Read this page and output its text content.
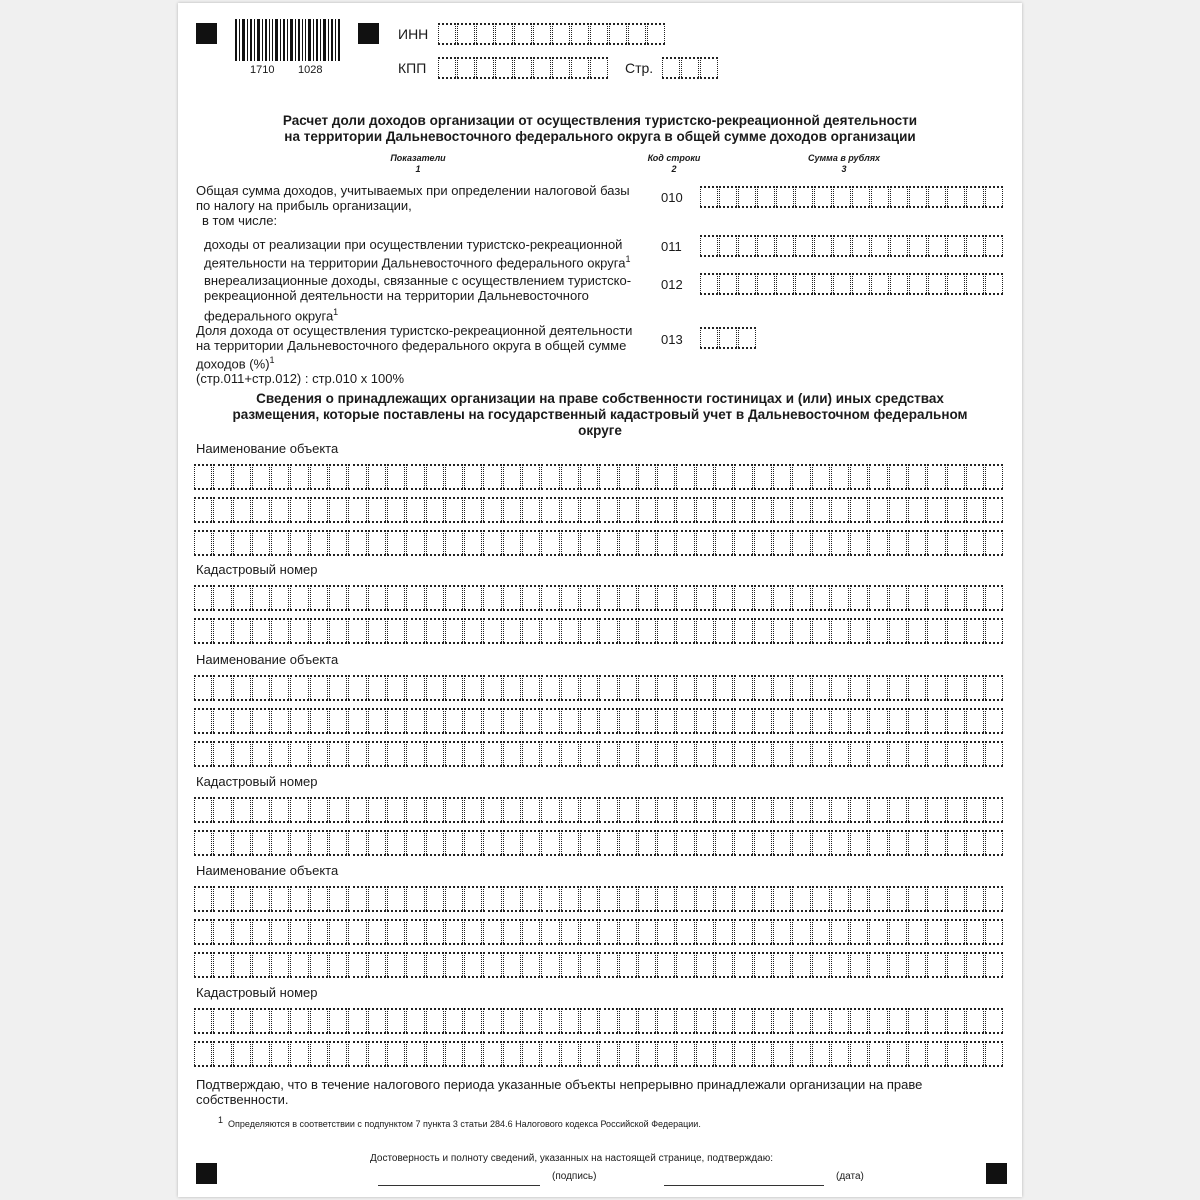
1710 1028
ИНН
КПП	Стр.
Расчет доли доходов организации от осуществления туристско-рекреационной деятельности
на территории Дальневосточного федерального округа в общей сумме доходов организации
Показатели
1
Код строки
2
Сумма в рублях
3
Общая сумма доходов, учитываемых при определении налоговой базы
по налогу на прибыль организации,
в том числе:
010
доходы от реализации при осуществлении туристско-рекреационной
деятельности на территории Дальневосточного федерального округа$^1$
011
внереализационные доходы, связанные с осуществлением туристско-
рекреационной деятельности на территории Дальневосточного
федерального округа$^1$
012
Доля дохода от осуществления туристско-рекреационной деятельности
на территории Дальневосточного федерального округа в общей сумме
доходов (%)$^1$
(стр.011+стр.012) : стр.010 х 100%
013
Сведения о принадлежащих организации на праве собственности гостиницах и (или) иных средствах
размещения, которые поставлены на государственный кадастровый учет в Дальневосточном федеральном
округе
Наименование объекта
Кадастровый номер
Наименование объекта
Кадастровый номер
Наименование объекта
Кадастровый номер
Подтверждаю, что в течение налогового периода указанные объекты непрерывно принадлежали организации на праве
собственности.
$^1$ Определяются в соответствии с подпунктом 7 пункта 3 статьи 284.6 Налогового кодекса Российской Федерации.
Достоверность и полноту сведений, указанных на настоящей странице, подтверждаю:
(подпись)	(дата)
